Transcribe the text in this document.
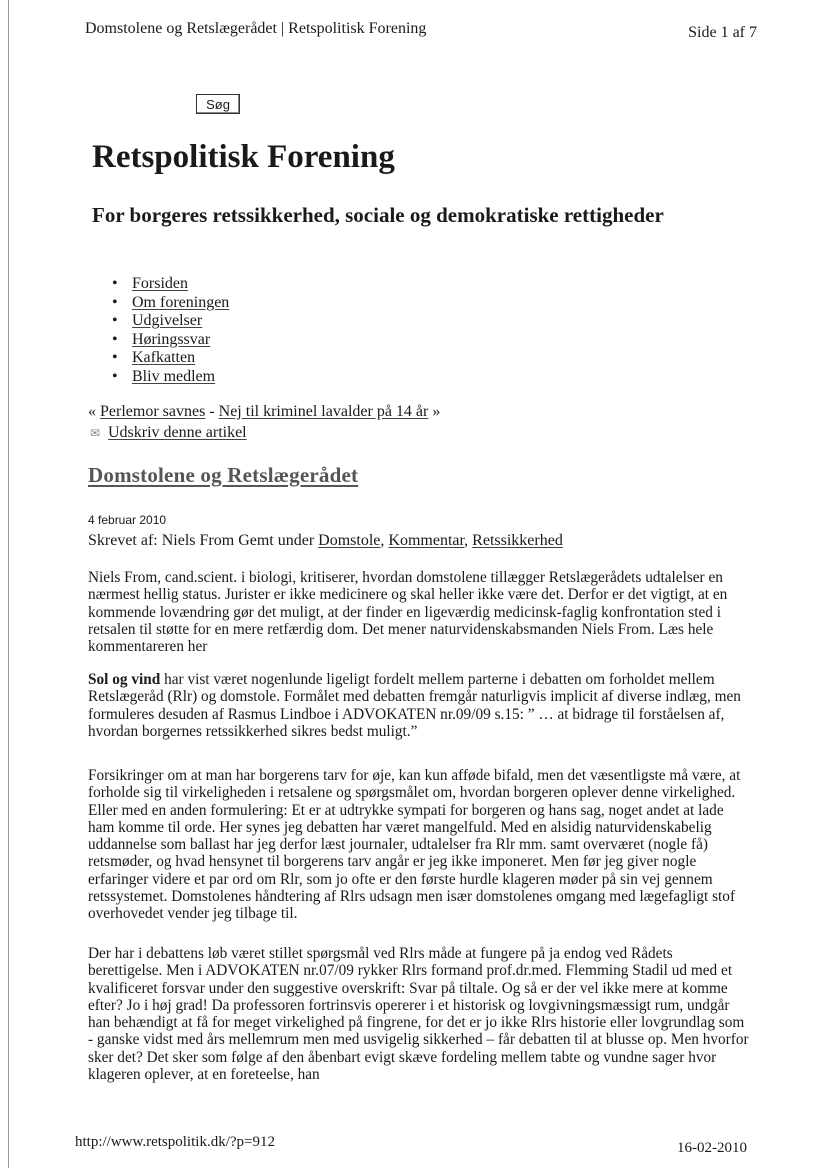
Domstolene og Retslægerådet | Retspolitisk Forening	Side 1 af 7
Søg
Retspolitisk Forening
For borgeres retssikkerhed, sociale og demokratiske rettigheder
• Forsiden
• Om foreningen
• Udgivelser
• Høringssvar
• Kafkatten
• Bliv medlem
« Perlemor savnes - Nej til kriminel lavalder på 14 år »
✉ Udskriv denne artikel
Domstolene og Retslægerådet
4 februar 2010
Skrevet af: Niels From Gemt under Domstole, Kommentar, Retssikkerhed

Niels From, cand.scient. i biologi, kritiserer, hvordan domstolene tillægger Retslægerådets udtalelser en nærmest hellig status. Jurister er ikke medicinere og skal heller ikke være det. Derfor er det vigtigt, at en kommende lovændring gør det muligt, at der finder en ligeværdig medicinsk-faglig konfrontation sted i retsalen til støtte for en mere retfærdig dom. Det mener naturvidenskabsmanden Niels From. Læs hele kommentareren her

Sol og vind har vist været nogenlunde ligeligt fordelt mellem parterne i debatten om forholdet mellem Retslægeråd (Rlr) og domstole. Formålet med debatten fremgår naturligvis implicit af diverse indlæg, men formuleres desuden af Rasmus Lindboe i ADVOKATEN nr.09/09 s.15: ” … at bidrage til forståelsen af, hvordan borgernes retssikkerhed sikres bedst muligt.”

Forsikringer om at man har borgerens tarv for øje, kan kun afføde bifald, men det væsentligste må være, at forholde sig til virkeligheden i retsalene og spørgsmålet om, hvordan borgeren oplever denne virkelighed. Eller med en anden formulering: Et er at udtrykke sympati for borgeren og hans sag, noget andet at lade ham komme til orde. Her synes jeg debatten har været mangelfuld. Med en alsidig naturvidenskabelig uddannelse som ballast har jeg derfor læst journaler, udtalelser fra Rlr mm. samt overværet (nogle få) retsmøder, og hvad hensynet til borgerens tarv angår er jeg ikke imponeret. Men før jeg giver nogle erfaringer videre et par ord om Rlr, som jo ofte er den første hurdle klageren møder på sin vej gennem retssystemet. Domstolenes håndtering af Rlrs udsagn men især domstolenes omgang med lægefagligt stof overhovedet vender jeg tilbage til.

Der har i debattens løb været stillet spørgsmål ved Rlrs måde at fungere på ja endog ved Rådets berettigelse. Men i ADVOKATEN nr.07/09 rykker Rlrs formand prof.dr.med. Flemming Stadil ud med et kvalificeret forsvar under den suggestive overskrift: Svar på tiltale. Og så er der vel ikke mere at komme efter? Jo i høj grad! Da professoren fortrinsvis opererer i et historisk og lovgivningsmæssigt rum, undgår han behændigt at få for meget virkelighed på fingrene, for det er jo ikke Rlrs historie eller lovgrundlag som - ganske vidst med års mellemrum men med usvigelig sikkerhed – får debatten til at blusse op. Men hvorfor sker det? Det sker som følge af den åbenbart evigt skæve fordeling mellem tabte og vundne sager hvor klageren oplever, at en foreteelse, han

http://www.retspolitik.dk/?p=912	16-02-2010
